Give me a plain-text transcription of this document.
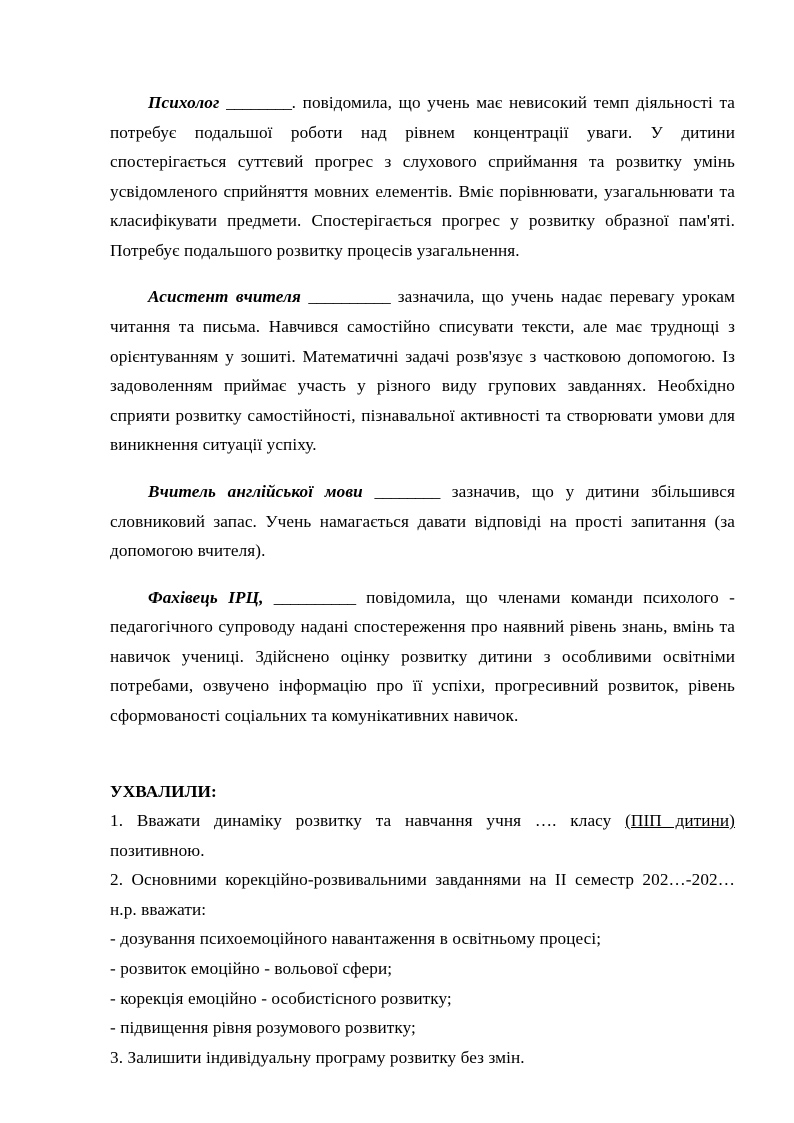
Психолог ________. повідомила, що учень має невисокий темп діяльності та потребує подальшої роботи над рівнем концентрації уваги. У дитини спостерігається суттєвий прогрес з слухового сприймання та розвитку умінь усвідомленого сприйняття мовних елементів. Вміє порівнювати, узагальнювати та класифікувати предмети. Спостерігається прогрес у розвитку образної пам'яті. Потребує подальшого розвитку процесів узагальнення.

Асистент вчителя __________ зазначила, що учень надає перевагу урокам читання та письма. Навчився самостійно списувати тексти, але має труднощі з орієнтуванням у зошиті. Математичні задачі розв'язує з частковою допомогою. Із задоволенням приймає участь у різного виду групових завданнях. Необхідно сприяти розвитку самостійності, пізнавальної активності та створювати умови для виникнення ситуації успіху.

Вчитель англійської мови ________ зазначив, що у дитини збільшився словниковий запас. Учень намагається давати відповіді на прості запитання (за допомогою вчителя).

Фахівець ІРЦ, __________ повідомила, що членами команди психолого - педагогічного супроводу надані спостереження про наявний рівень знань, вмінь та навичок учениці. Здійснено оцінку розвитку дитини з особливими освітніми потребами, озвучено інформацію про її успіхи, прогресивний розвиток, рівень сформованості соціальних та комунікативних навичок.

УХВАЛИЛИ:

1. Вважати динаміку розвитку та навчання учня …. класу (ПІП дитини) позитивною.

2. Основними корекційно-розвивальними завданнями на ІІ семестр 202…-202… н.р. вважати:

- дозування психоемоційного навантаження в освітньому процесі;

- розвиток емоційно - вольової сфери;

- корекція емоційно - особистісного розвитку;

- підвищення рівня розумового розвитку;

3. Залишити індивідуальну програму розвитку без змін.
